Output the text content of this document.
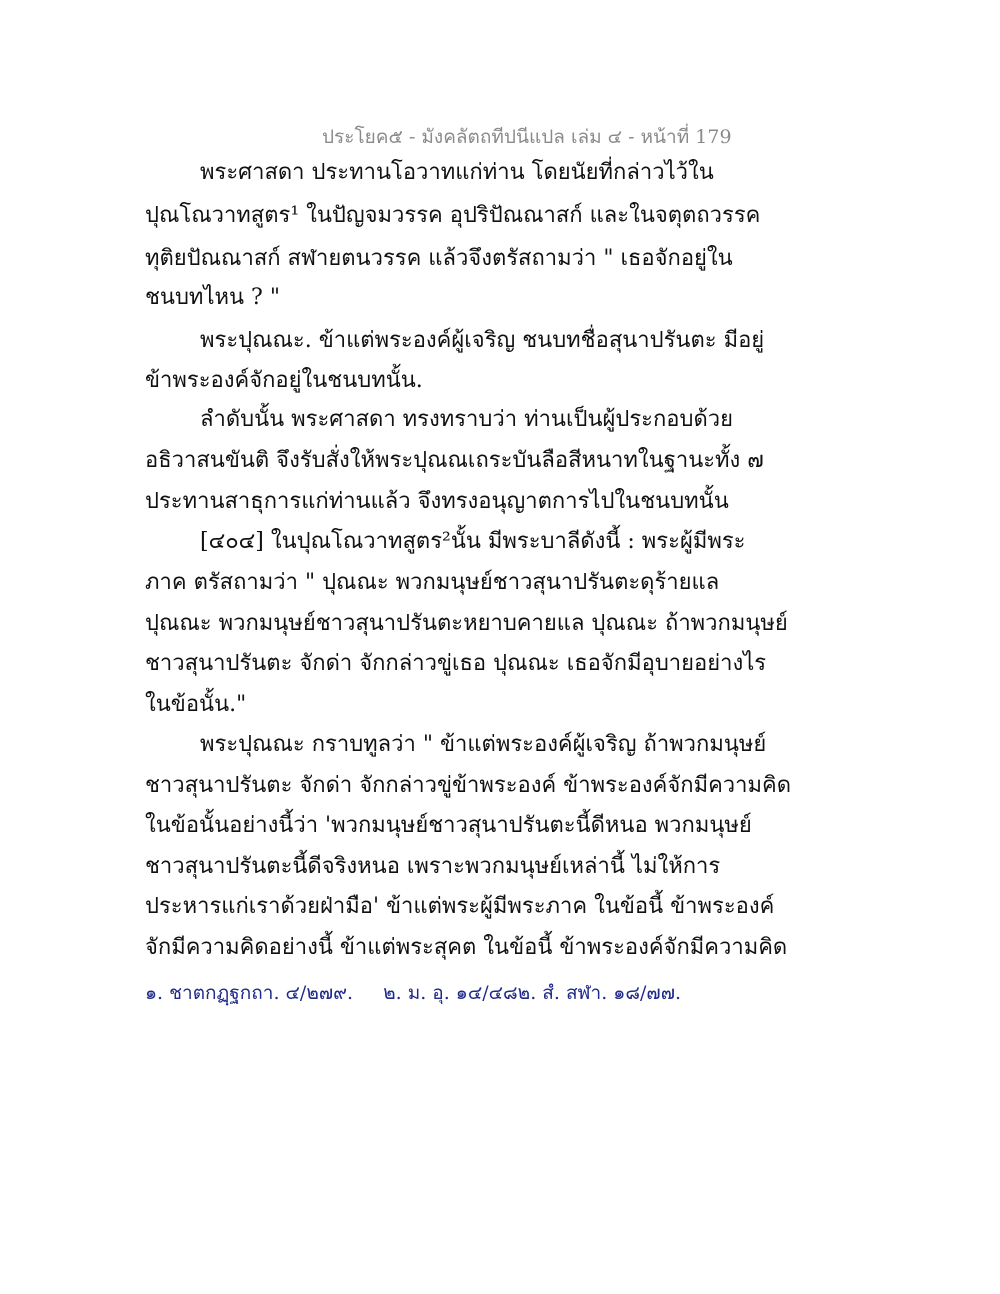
ประโยค๕ - มังคลัตถทีปนีแปล เล่ม ๔ - หน้าที่ 179
พระศาสดา ประทานโอวาทแก่ท่าน โดยนัยที่กล่าวไว้ใน
ปุณโณวาทสูตร¹ ในปัญจมวรรค อุปริปัณณาสก์ และในจตุตถวรรค
ทุติยปัณณาสก์ สฬายตนวรรค แล้วจึงตรัสถามว่า " เธอจักอยู่ใน
ชนบทไหน ? "
พระปุณณะ. ข้าแต่พระองค์ผู้เจริญ ชนบทชื่อสุนาปรันตะ มีอยู่
ข้าพระองค์จักอยู่ในชนบทนั้น.
ลำดับนั้น พระศาสดา ทรงทราบว่า ท่านเป็นผู้ประกอบด้วย
อธิวาสนขันติ จึงรับสั่งให้พระปุณณเถระบันลือสีหนาทในฐานะทั้ง ๗
ประทานสาธุการแก่ท่านแล้ว จึงทรงอนุญาตการไปในชนบทนั้น
[๔๐๔] ในปุณโณวาทสูตร²นั้น มีพระบาลีดังนี้ : พระผู้มีพระ
ภาค ตรัสถามว่า " ปุณณะ พวกมนุษย์ชาวสุนาปรันตะดุร้ายแล
ปุณณะ พวกมนุษย์ชาวสุนาปรันตะหยาบคายแล ปุณณะ ถ้าพวกมนุษย์
ชาวสุนาปรันตะ จักด่า จักกล่าวขู่เธอ ปุณณะ เธอจักมีอุบายอย่างไร
ในข้อนั้น."
พระปุณณะ กราบทูลว่า " ข้าแต่พระองค์ผู้เจริญ ถ้าพวกมนุษย์
ชาวสุนาปรันตะ จักด่า จักกล่าวขู่ข้าพระองค์ ข้าพระองค์จักมีความคิด
ในข้อนั้นอย่างนี้ว่า 'พวกมนุษย์ชาวสุนาปรันตะนี้ดีหนอ พวกมนุษย์
ชาวสุนาปรันตะนี้ดีจริงหนอ เพราะพวกมนุษย์เหล่านี้ ไม่ให้การ
ประหารแก่เราด้วยฝ่ามือ' ข้าแต่พระผู้มีพระภาค ในข้อนี้ ข้าพระองค์
จักมีความคิดอย่างนี้ ข้าแต่พระสุคต ในข้อนี้ ข้าพระองค์จักมีความคิด
๑. ชาตกฏฺฐกถา. ๔/๒๗๙. ๒. ม. อุ. ๑๔/๔๘๒. สํ. สฬา. ๑๘/๗๗.
